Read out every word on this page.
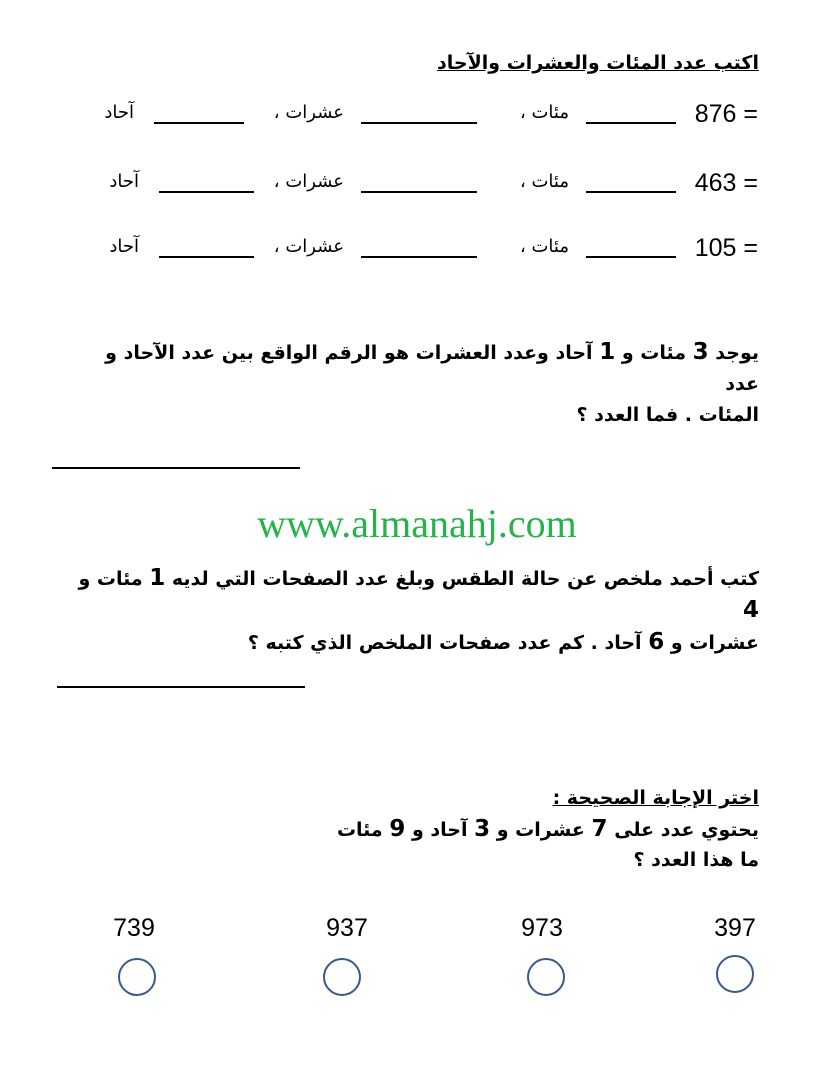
اكتب عدد المئات والعشرات والآحاد
876 =
مئات ،
عشرات ،
آحاد
463 =
مئات ،
عشرات ،
آحاد
105 =
مئات ،
عشرات ،
آحاد
يوجد 3 مئات و 1 آحاد وعدد العشرات هو الرقم الواقع بين عدد الآحاد و عدد
المئات . فما العدد ؟
www.almanahj.com
كتب أحمد ملخص عن حالة الطقس وبلغ عدد الصفحات التي لديه 1 مئات و 4
عشرات و 6 آحاد . كم عدد صفحات الملخص الذي كتبه ؟
اختر الإجابة الصحيحة :
يحتوي عدد على 7 عشرات و 3 آحاد و 9 مئات
ما هذا العدد ؟
397
973
937
739
